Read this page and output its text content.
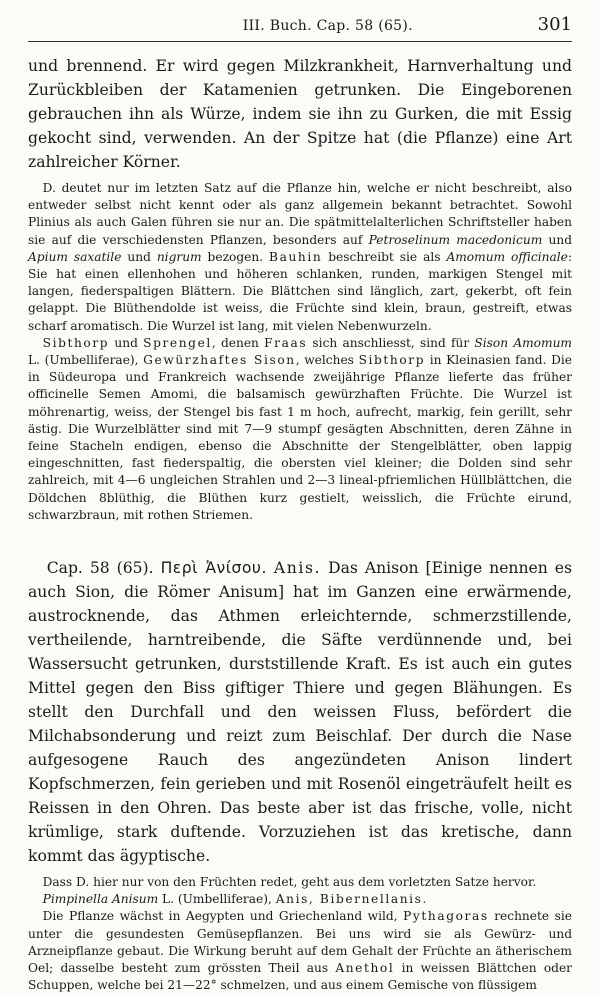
III. Buch. Cap. 58 (65).	301

und brennend. Er wird gegen Milzkrankheit, Harnverhaltung und Zurückbleiben der Katamenien getrunken. Die Eingeborenen gebrauchen ihn als Würze, indem sie ihn zu Gurken, die mit Essig gekocht sind, verwenden. An der Spitze hat (die Pflanze) eine Art zahlreicher Körner.

D. deutet nur im letzten Satz auf die Pflanze hin, welche er nicht beschreibt, also entweder selbst nicht kennt oder als ganz allgemein bekannt betrachtet. Sowohl Plinius als auch Galen führen sie nur an. Die spätmittelalterlichen Schriftsteller haben sie auf die verschiedensten Pflanzen, besonders auf Petroselinum macedonicum und Apium saxatile und nigrum bezogen. Bauhin beschreibt sie als Amomum officinale: Sie hat einen ellenhohen und höheren schlanken, runden, markigen Stengel mit langen, fiederspaltigen Blättern. Die Blättchen sind länglich, zart, gekerbt, oft fein gelappt. Die Blüthendolde ist weiss, die Früchte sind klein, braun, gestreift, etwas scharf aromatisch. Die Wurzel ist lang, mit vielen Nebenwurzeln.

Sibthorp und Sprengel, denen Fraas sich anschliesst, sind für Sison Amomum L. (Umbelliferae), Gewürzhaftes Sison, welches Sibthorp in Kleinasien fand. Die in Südeuropa und Frankreich wachsende zweijährige Pflanze lieferte das früher officinelle Semen Amomi, die balsamisch gewürzhaften Früchte. Die Wurzel ist möhrenartig, weiss, der Stengel bis fast 1 m hoch, aufrecht, markig, fein gerillt, sehr ästig. Die Wurzelblätter sind mit 7—9 stumpf gesägten Abschnitten, deren Zähne in feine Stacheln endigen, ebenso die Abschnitte der Stengelblätter, oben lappig eingeschnitten, fast fiederspaltig, die obersten viel kleiner; die Dolden sind sehr zahlreich, mit 4—6 ungleichen Strahlen und 2—3 lineal-pfriemlichen Hüllblättchen, die Döldchen 8blüthig, die Blüthen kurz gestielt, weisslich, die Früchte eirund, schwarzbraun, mit rothen Striemen.

Cap. 58 (65). Περὶ Ἀνίσου. Anis. Das Anison [Einige nennen es auch Sion, die Römer Anisum] hat im Ganzen eine erwärmende, austrocknende, das Athmen erleichternde, schmerzstillende, vertheilende, harntreibende, die Säfte verdünnende und, bei Wassersucht getrunken, durststillende Kraft. Es ist auch ein gutes Mittel gegen den Biss giftiger Thiere und gegen Blähungen. Es stellt den Durchfall und den weissen Fluss, befördert die Milchabsonderung und reizt zum Beischlaf. Der durch die Nase aufgesogene Rauch des angezündeten Anison lindert Kopfschmerzen, fein gerieben und mit Rosenöl eingeträufelt heilt es Reissen in den Ohren. Das beste aber ist das frische, volle, nicht krümlige, stark duftende. Vorzuziehen ist das kretische, dann kommt das ägyptische.

Dass D. hier nur von den Früchten redet, geht aus dem vorletzten Satze hervor.

Pimpinella Anisum L. (Umbelliferae), Anis, Bibernellanis.

Die Pflanze wächst in Aegypten und Griechenland wild, Pythagoras rechnete sie unter die gesundesten Gemüsepflanzen. Bei uns wird sie als Gewürz- und Arzneipflanze gebaut. Die Wirkung beruht auf dem Gehalt der Früchte an ätherischem Oel; dasselbe besteht zum grössten Theil aus Anethol in weissen Blättchen oder Schuppen, welche bei 21—22° schmelzen, und aus einem Gemische von flüssigem
